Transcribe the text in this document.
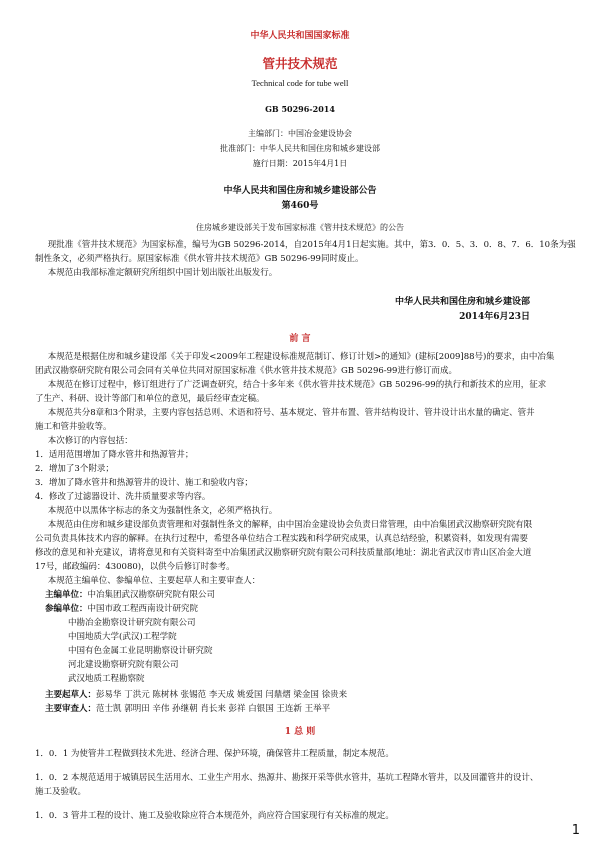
中华人民共和国国家标准
管井技术规范
Technical code for tube well
GB 50296-2014
主编部门：中国冶金建设协会
批准部门：中华人民共和国住房和城乡建设部
施行日期：2015年4月1日
中华人民共和国住房和城乡建设部公告
第460号
住房城乡建设部关于发布国家标准《管井技术规范》的公告
现批准《管井技术规范》为国家标准，编号为GB 50296-2014，自2015年4月1日起实施。其中，第3．0．5、3．0．8、7．6．10条为强
制性条文，必须严格执行。原国家标准《供水管井技术规范》GB 50296-99同时废止。
本规范由我部标准定额研究所组织中国计划出版社出版发行。
中华人民共和国住房和城乡建设部
2014年6月23日
前 言
本规范是根据住房和城乡建设部《关于印发<2009年工程建设标准规范制订、修订计划>的通知》(建标[2009]88号)的要求，由中冶集
团武汉勘察研究院有限公司会同有关单位共同对原国家标准《供水管井技术规范》GB 50296-99进行修订而成。
本规范在修订过程中，修订组进行了广泛调查研究，结合十多年来《供水管井技术规范》GB 50296-99的执行和新技术的应用，征求
了生产、科研、设计等部门和单位的意见，最后经审查定稿。
本规范共分8章和3个附录，主要内容包括总则、术语和符号、基本规定、管井布置、管井结构设计、管井设计出水量的确定、管井
施工和管井验收等。
本次修订的内容包括：
1．适用范围增加了降水管井和热源管井；
2．增加了3个附录；
3．增加了降水管井和热源管井的设计、施工和验收内容；
4．修改了过滤器设计、洗井质量要求等内容。
本规范中以黑体字标志的条文为强制性条文，必须严格执行。
本规范由住房和城乡建设部负责管理和对强制性条文的解释，由中国冶金建设协会负责日常管理，由中冶集团武汉勘察研究院有限
公司负责具体技术内容的解释。在执行过程中，希望各单位结合工程实践和科学研究成果，认真总结经验，积累资料，如发现有需要
修改的意见和补充建议，请将意见和有关资料寄至中冶集团武汉勘察研究院有限公司科技质量部(地址：湖北省武汉市青山区冶金大道
17号，邮政编码：430080)，以供今后修订时参考。
本规范主编单位、参编单位、主要起草人和主要审查人：
主编单位：中冶集团武汉勘察研究院有限公司
参编单位：中国市政工程西南设计研究院
中勘冶金勘察设计研究院有限公司
中国地质大学(武汉)工程学院
中国有色金属工业昆明勘察设计研究院
河北建设勘察研究院有限公司
武汉地质工程勘察院
主要起草人：彭易华 丁洪元 陈树林 张锡范 李天成 姚爱国 闫鼎熠 梁金国 徐贵来
主要审查人：范士凯 郭明田 辛伟 孙继朝 肖长来 彭祥 白银国 王连新 王举平
1 总 则
1．0．1 为使管井工程做到技术先进、经济合理、保护环境，确保管井工程质量，制定本规范。
1．0．2 本规范适用于城镇居民生活用水、工业生产用水、热源井、勘探开采等供水管井，基坑工程降水管井，以及回灌管井的设计、
施工及验收。
1．0．3 管井工程的设计、施工及验收除应符合本规范外，尚应符合国家现行有关标准的规定。
1
